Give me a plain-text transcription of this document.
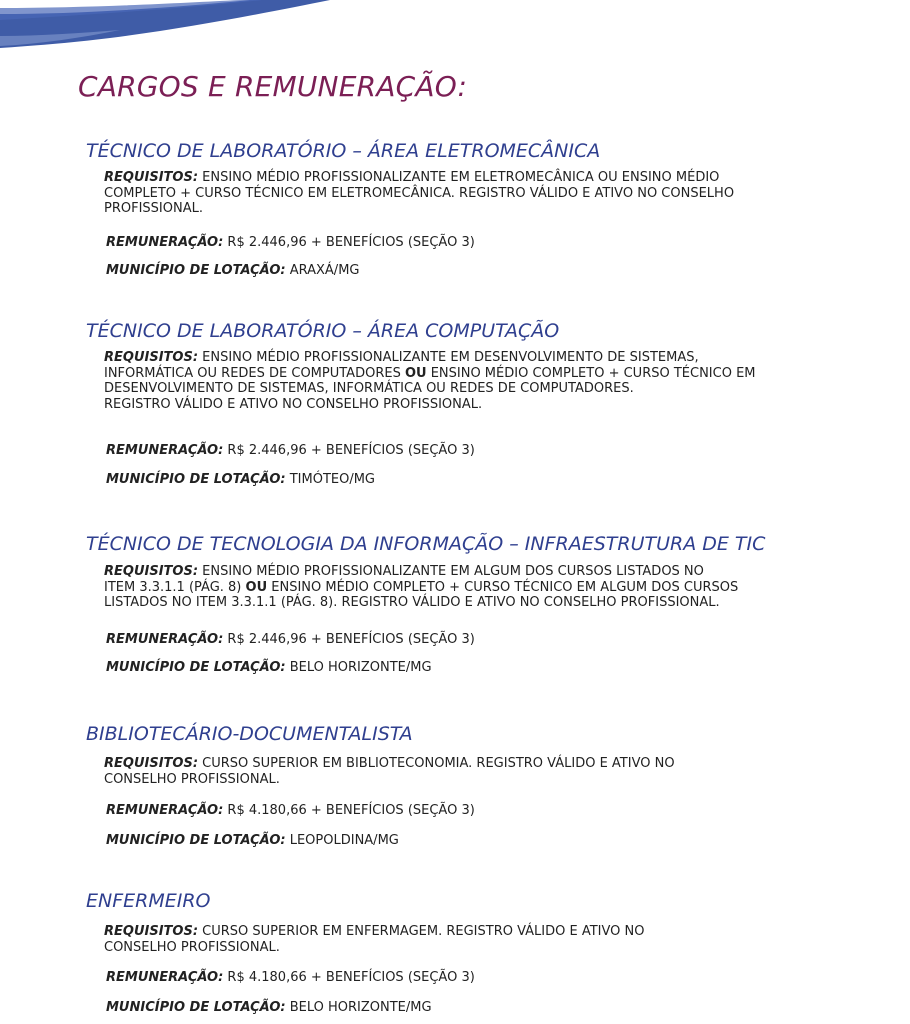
CARGOS E REMUNERAÇÃO:
TÉCNICO DE LABORATÓRIO – ÁREA ELETROMECÂNICA

REQUISITOS: ENSINO MÉDIO PROFISSIONALIZANTE EM ELETROMECÂNICA OU ENSINO MÉDIO
COMPLETO + CURSO TÉCNICO EM ELETROMECÂNICA. REGISTRO VÁLIDO E ATIVO NO CONSELHO
PROFISSIONAL.

REMUNERAÇÃO: R$ 2.446,96 + BENEFÍCIOS (SEÇÃO 3)

MUNICÍPIO DE LOTAÇÃO: ARAXÁ/MG

TÉCNICO DE LABORATÓRIO – ÁREA COMPUTAÇÃO

REQUISITOS: ENSINO MÉDIO PROFISSIONALIZANTE EM DESENVOLVIMENTO DE SISTEMAS,
INFORMÁTICA OU REDES DE COMPUTADORES OU ENSINO MÉDIO COMPLETO + CURSO TÉCNICO EM
DESENVOLVIMENTO DE SISTEMAS, INFORMÁTICA OU REDES DE COMPUTADORES.
REGISTRO VÁLIDO E ATIVO NO CONSELHO PROFISSIONAL.

REMUNERAÇÃO: R$ 2.446,96 + BENEFÍCIOS (SEÇÃO 3)

MUNICÍPIO DE LOTAÇÃO: TIMÓTEO/MG

TÉCNICO DE TECNOLOGIA DA INFORMAÇÃO – INFRAESTRUTURA DE TIC

REQUISITOS: ENSINO MÉDIO PROFISSIONALIZANTE EM ALGUM DOS CURSOS LISTADOS NO
ITEM 3.3.1.1 (PÁG. 8) OU ENSINO MÉDIO COMPLETO + CURSO TÉCNICO EM ALGUM DOS CURSOS
LISTADOS NO ITEM 3.3.1.1 (PÁG. 8). REGISTRO VÁLIDO E ATIVO NO CONSELHO PROFISSIONAL.

REMUNERAÇÃO: R$ 2.446,96 + BENEFÍCIOS (SEÇÃO 3)

MUNICÍPIO DE LOTAÇÃO: BELO HORIZONTE/MG

BIBLIOTECÁRIO-DOCUMENTALISTA

REQUISITOS: CURSO SUPERIOR EM BIBLIOTECONOMIA. REGISTRO VÁLIDO E ATIVO NO
CONSELHO PROFISSIONAL.

REMUNERAÇÃO: R$ 4.180,66 + BENEFÍCIOS (SEÇÃO 3)

MUNICÍPIO DE LOTAÇÃO: LEOPOLDINA/MG

ENFERMEIRO

REQUISITOS: CURSO SUPERIOR EM ENFERMAGEM. REGISTRO VÁLIDO E ATIVO NO
CONSELHO PROFISSIONAL.

REMUNERAÇÃO: R$ 4.180,66 + BENEFÍCIOS (SEÇÃO 3)

MUNICÍPIO DE LOTAÇÃO: BELO HORIZONTE/MG
